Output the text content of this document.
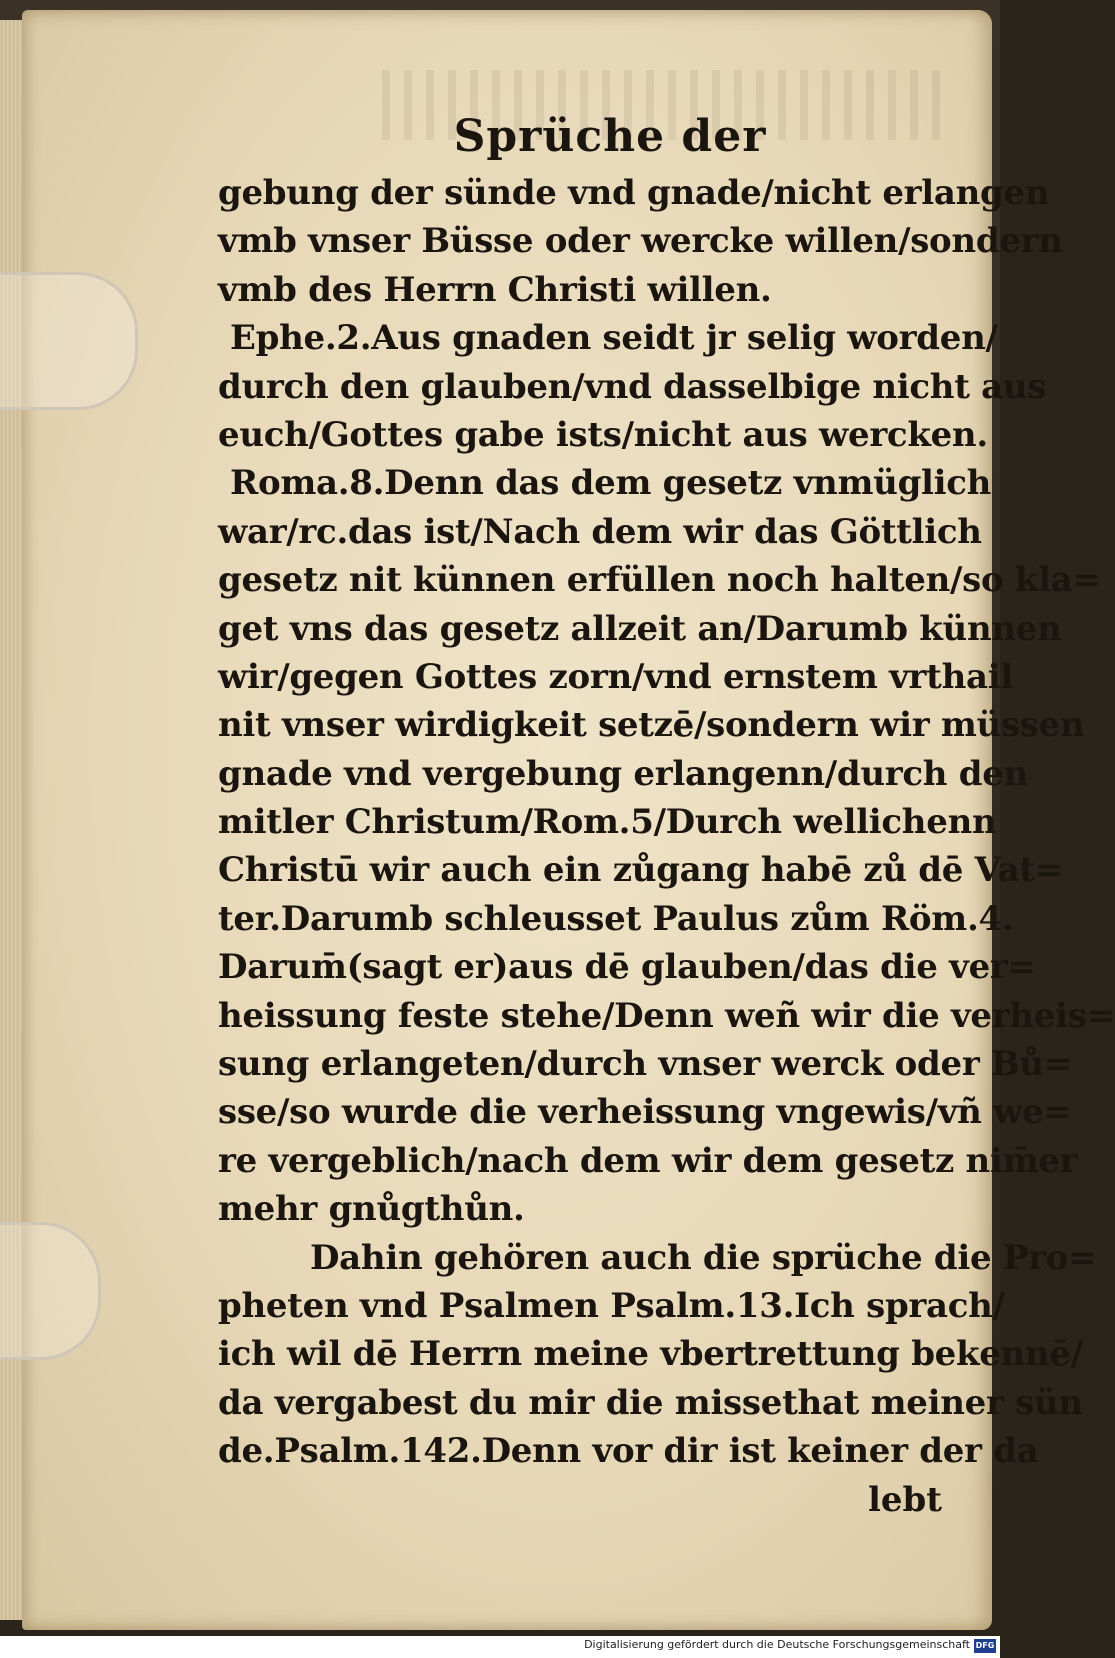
Sprüche der
gebung der sünde vnd gnade/nicht erlangen
vmb vnser Büsse oder wercke willen/sondern
vmb des Herrn Christi willen.
Ephe.2.Aus gnaden seidt jr selig worden/
durch den glauben/vnd dasselbige nicht aus
euch/Gottes gabe ists/nicht aus wercken.
Roma.8.Denn das dem gesetz vnmüglich
war/rc.das ist/Nach dem wir das Göttlich
gesetz nit künnen erfüllen noch halten/so kla=
get vns das gesetz allzeit an/Darumb künnen
wir/gegen Gottes zorn/vnd ernstem vrthail
nit vnser wirdigkeit setzē/sondern wir müssen
gnade vnd vergebung erlangenn/durch den
mitler Christum/Rom.5/Durch wellichenn
Christū wir auch ein zůgang habē zů dē Vat=
ter.Darumb schleusset Paulus zům Röm.4.
Darum̄(sagt er)aus dē glauben/das die ver=
heissung feste stehe/Denn weñ wir die verheis=
sung erlangeten/durch vnser werck oder Bů=
sse/so wurde die verheissung vngewis/vñ we=
re vergeblich/nach dem wir dem gesetz nim̄er
mehr gnůgthůn.
Dahin gehören auch die sprüche die Pro=
pheten vnd Psalmen Psalm.13.Ich sprach/
ich wil dē Herrn meine vbertrettung bekennē/
da vergabest du mir die missethat meiner sün
de.Psalm.142.Denn vor dir ist keiner der da
lebt
Digitalisierung gefördert durch die Deutsche Forschungsgemeinschaft DFG
